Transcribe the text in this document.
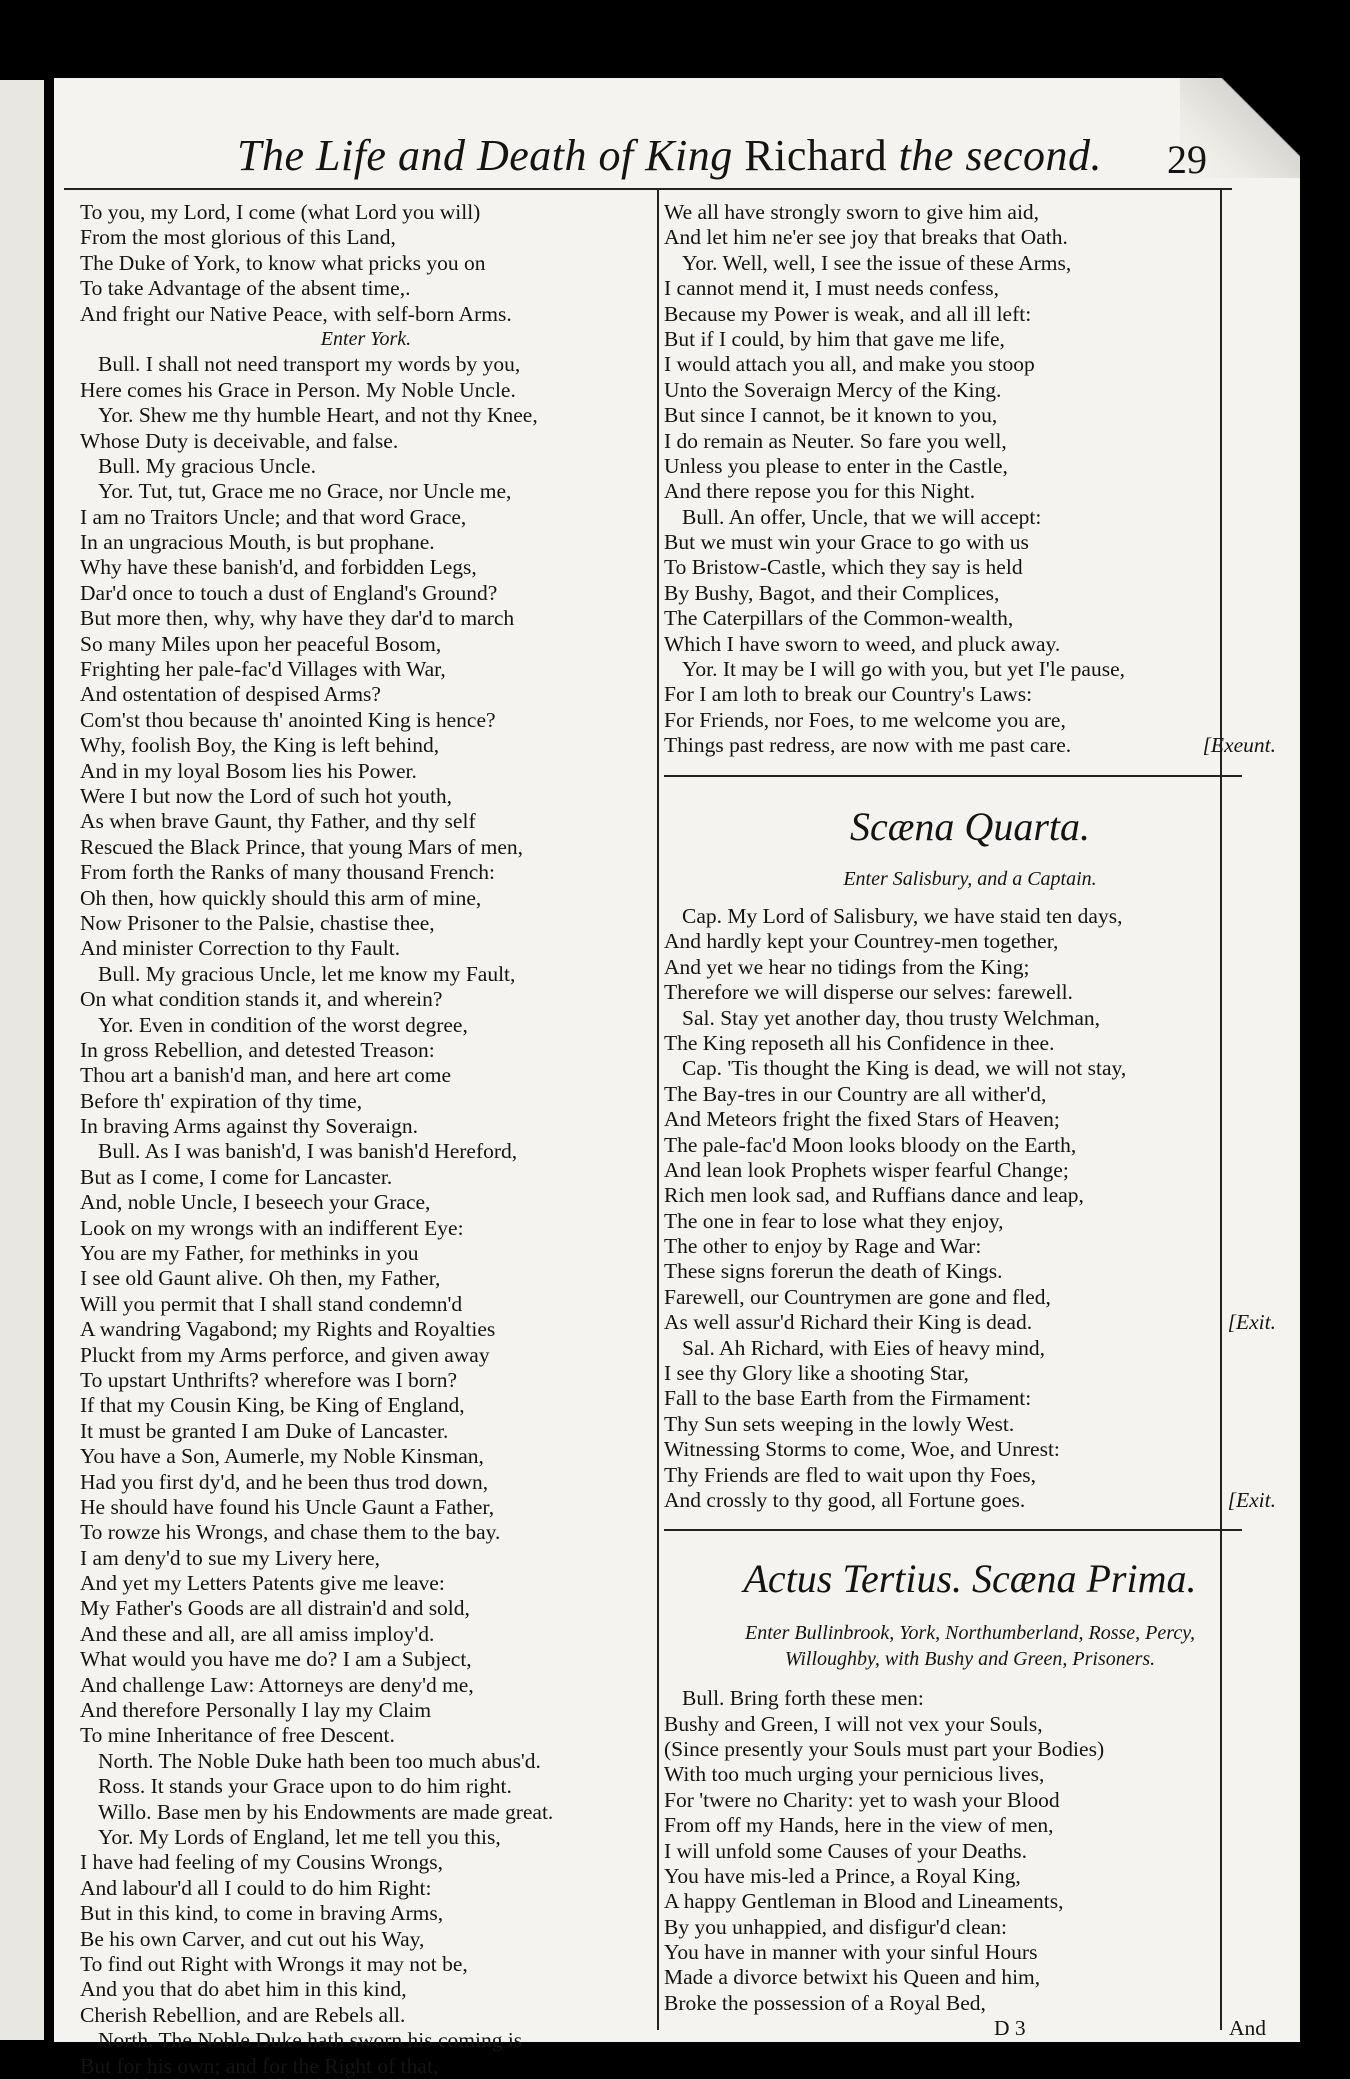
The Life and Death of King Richard the second. 29
To you, my Lord, I come (what Lord you will)
From the most glorious of this Land,
The Duke of York, to know what pricks you on
To take Advantage of the absent time,.
And fright our Native Peace, with self-born Arms.
Enter York.
Bull. I shall not need transport my words by you,
Here comes his Grace in Person. My Noble Uncle.
Yor. Shew me thy humble Heart, and not thy Knee,
Whose Duty is deceivable, and false.
Bull. My gracious Uncle.
Yor. Tut, tut, Grace me no Grace, nor Uncle me,
I am no Traitors Uncle; and that word Grace,
In an ungracious Mouth, is but prophane.
Why have these banish'd, and forbidden Legs,
Dar'd once to touch a dust of England's Ground?
But more then, why, why have they dar'd to march
So many Miles upon her peaceful Bosom,
Frighting her pale-fac'd Villages with War,
And ostentation of despised Arms?
Com'st thou because th' anointed King is hence?
Why, foolish Boy, the King is left behind,
And in my loyal Bosom lies his Power.
Were I but now the Lord of such hot youth,
As when brave Gaunt, thy Father, and thy self
Rescued the Black Prince, that young Mars of men,
From forth the Ranks of many thousand French:
Oh then, how quickly should this arm of mine,
Now Prisoner to the Palsie, chastise thee,
And minister Correction to thy Fault.
Bull. My gracious Uncle, let me know my Fault,
On what condition stands it, and wherein?
Yor. Even in condition of the worst degree,
In gross Rebellion, and detested Treason:
Thou art a banish'd man, and here art come
Before th' expiration of thy time,
In braving Arms against thy Soveraign.
Bull. As I was banish'd, I was banish'd Hereford,
But as I come, I come for Lancaster.
And, noble Uncle, I beseech your Grace,
Look on my wrongs with an indifferent Eye:
You are my Father, for methinks in you
I see old Gaunt alive. Oh then, my Father,
Will you permit that I shall stand condemn'd
A wandring Vagabond; my Rights and Royalties
Pluckt from my Arms perforce, and given away
To upstart Unthrifts? wherefore was I born?
If that my Cousin King, be King of England,
It must be granted I am Duke of Lancaster.
You have a Son, Aumerle, my Noble Kinsman,
Had you first dy'd, and he been thus trod down,
He should have found his Uncle Gaunt a Father,
To rowze his Wrongs, and chase them to the bay.
I am deny'd to sue my Livery here,
And yet my Letters Patents give me leave:
My Father's Goods are all distrain'd and sold,
And these and all, are all amiss imploy'd.
What would you have me do? I am a Subject,
And challenge Law: Attorneys are deny'd me,
And therefore Personally I lay my Claim
To mine Inheritance of free Descent.
North. The Noble Duke hath been too much abus'd.
Ross. It stands your Grace upon to do him right.
Willo. Base men by his Endowments are made great.
Yor. My Lords of England, let me tell you this,
I have had feeling of my Cousins Wrongs,
And labour'd all I could to do him Right:
But in this kind, to come in braving Arms,
Be his own Carver, and cut out his Way,
To find out Right with Wrongs it may not be,
And you that do abet him in this kind,
Cherish Rebellion, and are Rebels all.
North. The Noble Duke hath sworn his coming is
But for his own; and for the Right of that,
We all have strongly sworn to give him aid,
And let him ne'er see joy that breaks that Oath.
Yor. Well, well, I see the issue of these Arms,
I cannot mend it, I must needs confess,
Because my Power is weak, and all ill left:
But if I could, by him that gave me life,
I would attach you all, and make you stoop
Unto the Soveraign Mercy of the King.
But since I cannot, be it known to you,
I do remain as Neuter. So fare you well,
Unless you please to enter in the Castle,
And there repose you for this Night.
Bull. An offer, Uncle, that we will accept:
But we must win your Grace to go with us
To Bristow-Castle, which they say is held
By Bushy, Bagot, and their Complices,
The Caterpillars of the Common-wealth,
Which I have sworn to weed, and pluck away.
Yor. It may be I will go with you, but yet I'le pause,
For I am loth to break our Country's Laws:
For Friends, nor Foes, to me welcome you are,
Things past redress, are now with me past care.	[Exeunt.
Scæna Quarta.
Enter Salisbury, and a Captain.
Cap. My Lord of Salisbury, we have staid ten days,
And hardly kept your Countrey-men together,
And yet we hear no tidings from the King;
Therefore we will disperse our selves: farewell.
Sal. Stay yet another day, thou trusty Welchman,
The King reposeth all his Confidence in thee.
Cap. 'Tis thought the King is dead, we will not stay,
The Bay-tres in our Country are all wither'd,
And Meteors fright the fixed Stars of Heaven;
The pale-fac'd Moon looks bloody on the Earth,
And lean look Prophets wisper fearful Change;
Rich men look sad, and Ruffians dance and leap,
The one in fear to lose what they enjoy,
The other to enjoy by Rage and War:
These signs forerun the death of Kings.
Farewell, our Countrymen are gone and fled,
As well assur'd Richard their King is dead.	[Exit.
Sal. Ah Richard, with Eies of heavy mind,
I see thy Glory like a shooting Star,
Fall to the base Earth from the Firmament:
Thy Sun sets weeping in the lowly West.
Witnessing Storms to come, Woe, and Unrest:
Thy Friends are fled to wait upon thy Foes,
And crossly to thy good, all Fortune goes.	[Exit.
Actus Tertius. Scæna Prima.
Enter Bullinbrook, York, Northumberland, Rosse, Percy,
Willoughby, with Bushy and Green, Prisoners.
Bull. Bring forth these men:
Bushy and Green, I will not vex your Souls,
(Since presently your Souls must part your Bodies)
With too much urging your pernicious lives,
For 'twere no Charity: yet to wash your Blood
From off my Hands, here in the view of men,
I will unfold some Causes of your Deaths.
You have mis-led a Prince, a Royal King,
A happy Gentleman in Blood and Lineaments,
By you unhappied, and disfigur'd clean:
You have in manner with your sinful Hours
Made a divorce betwixt his Queen and him,
Broke the possession of a Royal Bed,
D 3	And
